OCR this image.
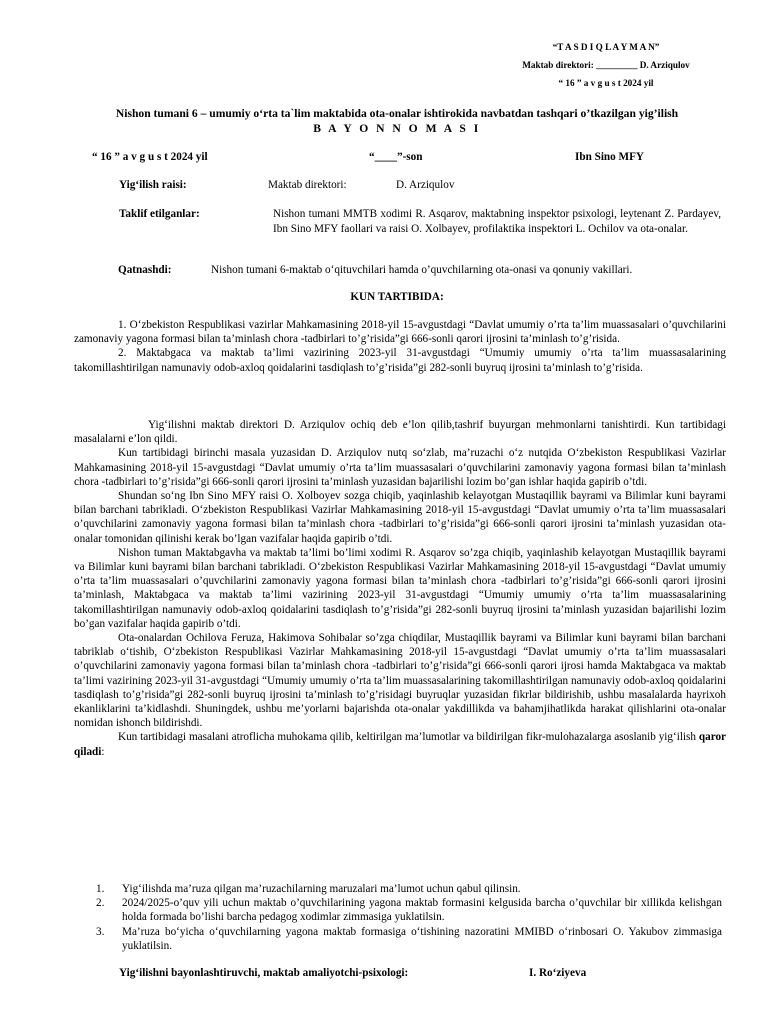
“T A S D I Q L A Y M A N”
Maktab direktori: _________ D. Arziqulov
“ 16 ” a v g u s t 2024 yil
Nishon tumani 6 – umumiy o‘rta ta`lim maktabida ota-onalar ishtirokida navbatdan tashqari o’tkazilgan yig’ilish
B A Y O N N O M A S I
“ 16 ” a v g u s t 2024 yil	“____”-son	Ibn Sino MFY
Yig‘ilish raisi:	Maktab direktori:	D. Arziqulov
Taklif etilganlar:	Nishon tumani MMTB xodimi R. Asqarov, maktabning inspektor psixologi, leytenant Z. Pardayev, Ibn Sino MFY faollari va raisi O. Xolbayev, profilaktika inspektori L. Ochilov va ota-onalar.
Qatnashdi:	Nishon tumani 6-maktab o‘qituvchilari hamda o’quvchilarning ota-onasi va qonuniy vakillari.
KUN TARTIBIDA:

1. O‘zbekiston Respublikasi vazirlar Mahkamasining 2018-yil 15-avgustdagi “Davlat umumiy o’rta ta’lim muassasalari o’quvchilarini zamonaviy yagona formasi bilan ta’minlash chora -tadbirlari to’g’risida”gi 666-sonli qarori ijrosini ta’minlash to’g’risida.

2. Maktabgaca va maktab ta’limi vazirining 2023-yil 31-avgustdagi “Umumiy umumiy o’rta ta’lim muassasalarining takomillashtirilgan namunaviy odob-axloq qoidalarini tasdiqlash to’g’risida”gi 282-sonli buyruq ijrosini ta’minlash to’g’risida.

Yig‘ilishni maktab direktori D. Arziqulov ochiq deb e’lon qilib,tashrif buyurgan mehmonlarni tanishtirdi. Kun tartibidagi masalalarni e’lon qildi.

Kun tartibidagi birinchi masala yuzasidan D. Arziqulov nutq so‘zlab, ma’ruzachi o‘z nutqida O‘zbekiston Respublikasi Vazirlar Mahkamasining 2018-yil 15-avgustdagi “Davlat umumiy o’rta ta’lim muassasalari o’quvchilarini zamonaviy yagona formasi bilan ta’minlash chora -tadbirlari to’g’risida”gi 666-sonli qarori ijrosini ta’minlash yuzasidan bajarilishi lozim bo’gan ishlar haqida gapirib o’tdi.

Shundan so‘ng Ibn Sino MFY raisi O. Xolboyev sozga chiqib, yaqinlashib kelayotgan Mustaqillik bayrami va Bilimlar kuni bayrami bilan barchani tabrikladi. O‘zbekiston Respublikasi Vazirlar Mahkamasining 2018-yil 15-avgustdagi “Davlat umumiy o’rta ta’lim muassasalari o’quvchilarini zamonaviy yagona formasi bilan ta’minlash chora -tadbirlari to’g’risida”gi 666-sonli qarori ijrosini ta’minlash yuzasidan ota-onalar tomonidan qilinishi kerak bo’lgan vazifalar haqida gapirib o’tdi.

Nishon tuman Maktabgavha va maktab ta’limi bo’limi xodimi R. Asqarov so’zga chiqib, yaqinlashib kelayotgan Mustaqillik bayrami va Bilimlar kuni bayrami bilan barchani tabrikladi. O‘zbekiston Respublikasi Vazirlar Mahkamasining 2018-yil 15-avgustdagi “Davlat umumiy o’rta ta’lim muassasalari o’quvchilarini zamonaviy yagona formasi bilan ta’minlash chora -tadbirlari to’g’risida”gi 666-sonli qarori ijrosini ta’minlash, Maktabgaca va maktab ta’limi vazirining 2023-yil 31-avgustdagi “Umumiy umumiy o’rta ta’lim muassasalarining takomillashtirilgan namunaviy odob-axloq qoidalarini tasdiqlash to’g’risida”gi 282-sonli buyruq ijrosini ta’minlash yuzasidan bajarilishi lozim bo’gan vazifalar haqida gapirib o’tdi.

Ota-onalardan Ochilova Feruza, Hakimova Sohibalar so’zga chiqdilar, Mustaqillik bayrami va Bilimlar kuni bayrami bilan barchani tabriklab o‘tishib, O‘zbekiston Respublikasi Vazirlar Mahkamasining 2018-yil 15-avgustdagi “Davlat umumiy o’rta ta’lim muassasalari o’quvchilarini zamonaviy yagona formasi bilan ta’minlash chora -tadbirlari to’g’risida”gi 666-sonli qarori ijrosi hamda Maktabgaca va maktab ta’limi vazirining 2023-yil 31-avgustdagi “Umumiy umumiy o’rta ta’lim muassasalarining takomillashtirilgan namunaviy odob-axloq qoidalarini tasdiqlash to’g’risida”gi 282-sonli buyruq ijrosini ta’minlash to’g’risidagi buyruqlar yuzasidan fikrlar bildirishib, ushbu masalalarda hayrixoh ekanliklarini ta’kidlashdi. Shuningdek, ushbu me’yorlarni bajarishda ota-onalar yakdillikda va bahamjihatlikda harakat qilishlarini ota-onalar nomidan ishonch bildirishdi.

Kun tartibidagi masalani atroflicha muhokama qilib, keltirilgan ma’lumotlar va bildirilgan fikr-mulohazalarga asoslanib yig‘ilish qaror qiladi:

1. Yig‘ilishda ma’ruza qilgan ma’ruzachilarning maruzalari ma’lumot uchun qabul qilinsin.
2. 2024/2025-o’quv yili uchun maktab o’quvchilarining yagona maktab formasini kelgusida barcha o’quvchilar bir xillikda kelishgan holda formada bo’lishi barcha pedagog xodimlar zimmasiga yuklatilsin.
3. Ma’ruza bo‘yicha o‘quvchilarning yagona maktab formasiga o‘tishining nazoratini MMIBD o‘rinbosari O. Yakubov zimmasiga yuklatilsin.
Yig‘ilishni bayonlashtiruvchi, maktab amaliyotchi-psixologi:	I. Ro‘ziyeva
